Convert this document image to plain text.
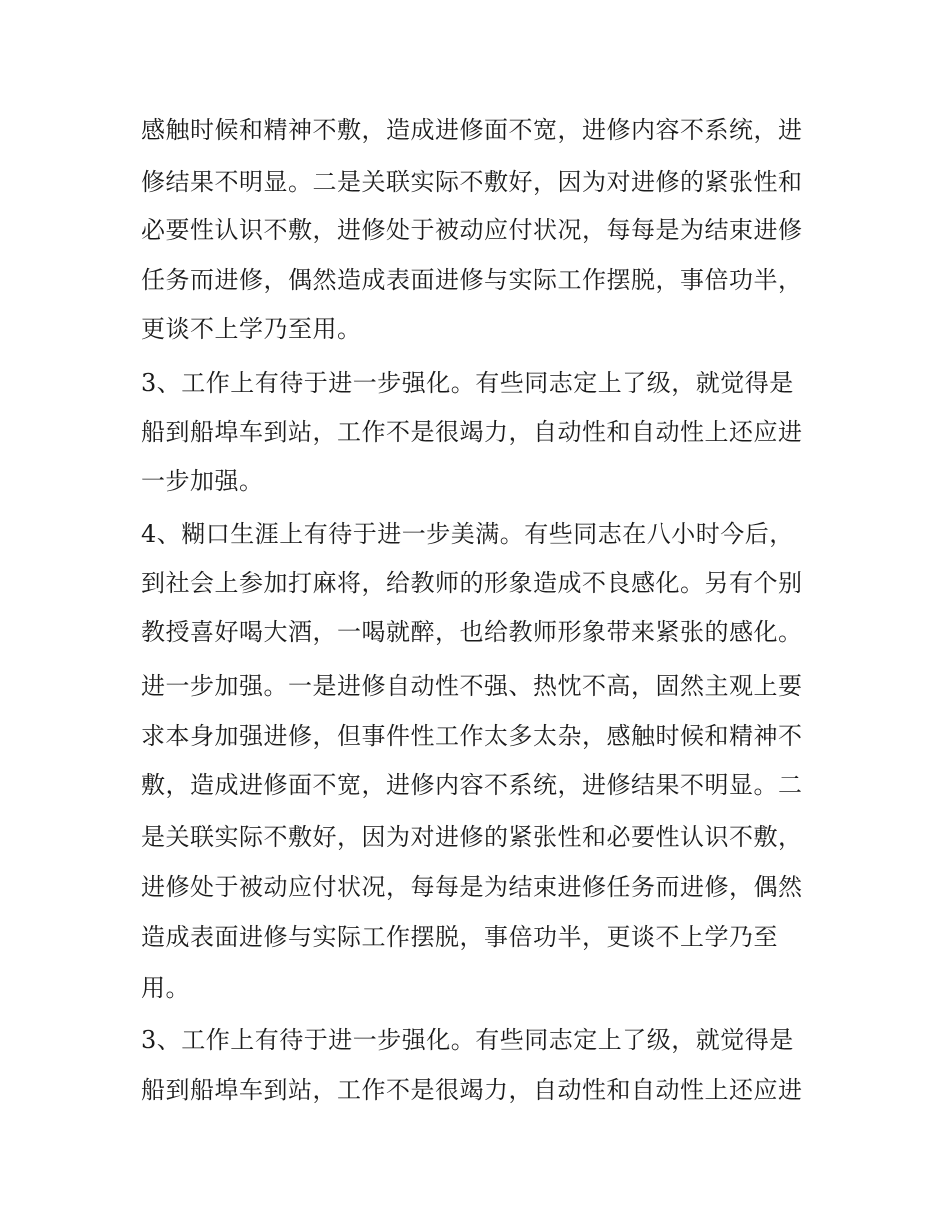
感触时候和精神不敷，造成进修面不宽，进修内容不系统，进
修结果不明显。二是关联实际不敷好，因为对进修的紧张性和
必要性认识不敷，进修处于被动应付状况，每每是为结束进修
任务而进修，偶然造成表面进修与实际工作摆脱，事倍功半，
更谈不上学乃至用。
3、工作上有待于进一步强化。有些同志定上了级，就觉得是
船到船埠车到站，工作不是很竭力，自动性和自动性上还应进
一步加强。
4、糊口生涯上有待于进一步美满。有些同志在八小时今后，
到社会上参加打麻将，给教师的形象造成不良感化。另有个别
教授喜好喝大酒，一喝就醉，也给教师形象带来紧张的感化。
进一步加强。一是进修自动性不强、热忱不高，固然主观上要
求本身加强进修，但事件性工作太多太杂，感触时候和精神不
敷，造成进修面不宽，进修内容不系统，进修结果不明显。二
是关联实际不敷好，因为对进修的紧张性和必要性认识不敷，
进修处于被动应付状况，每每是为结束进修任务而进修，偶然
造成表面进修与实际工作摆脱，事倍功半，更谈不上学乃至
用。
3、工作上有待于进一步强化。有些同志定上了级，就觉得是
船到船埠车到站，工作不是很竭力，自动性和自动性上还应进
